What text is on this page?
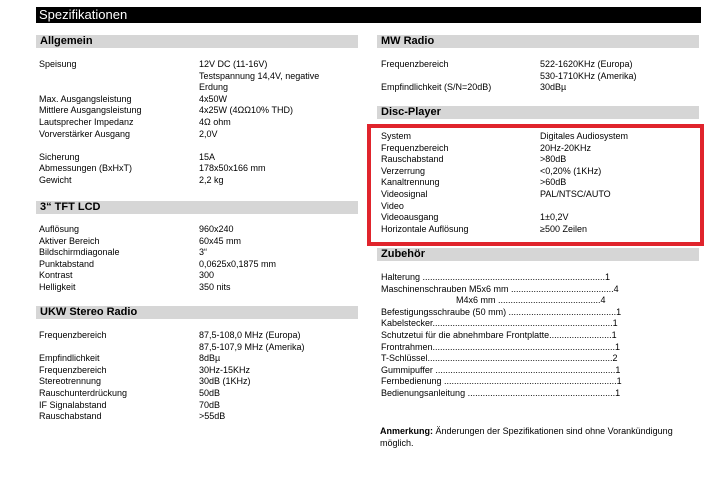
Spezifikationen
Allgemein
Speisung	12V DC (11-16V)
Testspannung 14,4V, negative
Erdung
Max. Ausgangsleistung	4x50W
Mittlere Ausgangsleistung	4x25W (4ΩΩ10% THD)
Lautsprecher Impedanz	4Ω ohm
Vorverstärker Ausgang	2,0V
Sicherung	15A
Abmessungen (BxHxT)	178x50x166 mm
Gewicht	2,2 kg
3“ TFT LCD
Auflösung	960x240
Aktiver Bereich	60x45 mm
Bildschirmdiagonale	3“
Punktabstand	0,0625x0,1875 mm
Kontrast	300
Helligkeit	350 nits
UKW Stereo Radio
Frequenzbereich	87,5-108,0 MHz (Europa)
87,5-107,9 MHz (Amerika)
Empfindlichkeit	8dBµ
Frequenzbereich	30Hz-15KHz
Stereotrennung	30dB (1KHz)
Rauschunterdrückung	50dB
IF Signalabstand	70dB
Rauschabstand	>55dB
MW Radio
Frequenzbereich	522-1620KHz (Europa)
530-1710KHz (Amerika)
Empfindlichkeit (S/N=20dB)	30dBµ
Disc-Player
System	Digitales Audiosystem
Frequenzbereich	20Hz-20KHz
Rauschabstand	>80dB
Verzerrung	<0,20% (1KHz)
Kanaltrennung	>60dB
Videosignal	PAL/NTSC/AUTO
Video
Videoausgang	1±0,2V
Horizontale Auflösung	≥500 Zeilen
Zubehör
Halterung .........................................................................1
Maschinenschrauben M5x6 mm .........................................4
M4x6 mm .........................................4
Befestigungsschraube (50 mm) ...........................................1
Kabelstecker........................................................................1
Schutzetui für die abnehmbare Frontplatte.........................1
Frontrahmen.........................................................................1
T-Schlüssel..........................................................................2
Gummipuffer ........................................................................1
Fernbedienung .....................................................................1
Bedienungsanleitung ...........................................................1
Anmerkung: Änderungen der Spezifikationen sind ohne Vorankündigung möglich.
